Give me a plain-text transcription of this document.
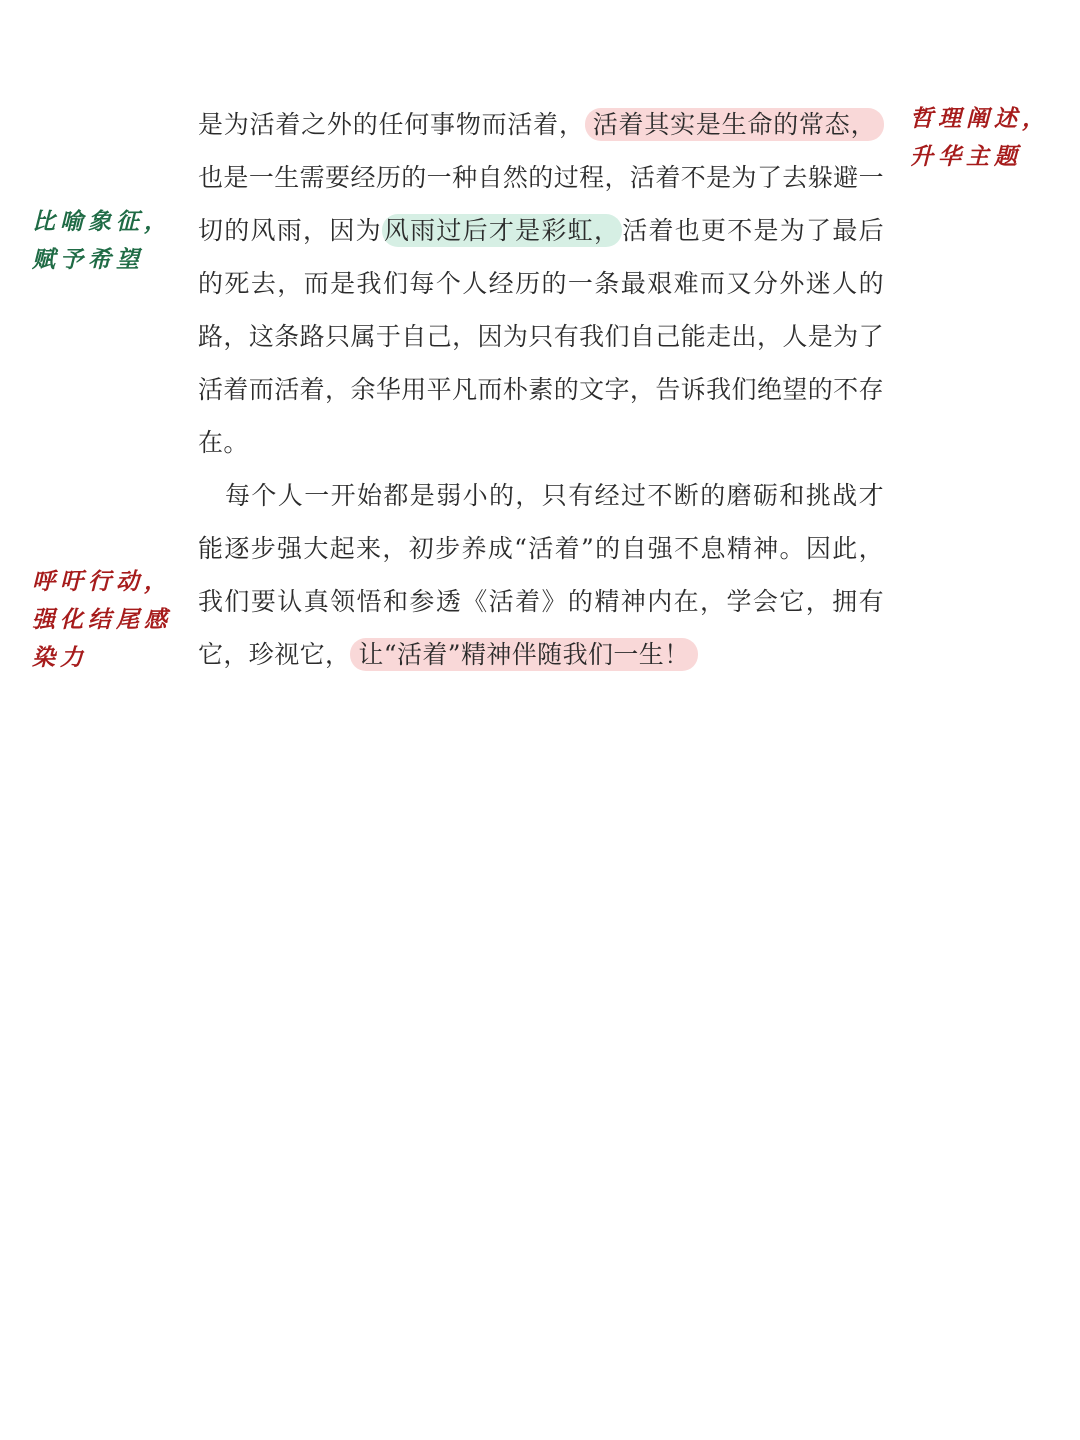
是为活着之外的任何事物而活着， 活着其实是生命的常态，也是一生需要经历的一种自然的过程，活着不是为了去躲避一切的风雨，因为风雨过后才是彩虹，活着也更不是为了最后的死去，而是我们每个人经历的一条最艰难而又分外迷人的路，这条路只属于自己，因为只有我们自己能走出，人是为了活着而活着，余华用平凡而朴素的文字，告诉我们绝望的不存在。

每个人一开始都是弱小的，只有经过不断的磨砺和挑战才能逐步强大起来，初步养成“活着”的自强不息精神。因此，我们要认真领悟和参透《活着》的精神内在，学会它，拥有它，珍视它， 让“活着”精神伴随我们一生！

哲理阐述，
升华主题
比喻象征，
赋予希望
呼吁行动，
强化结尾感
染力
